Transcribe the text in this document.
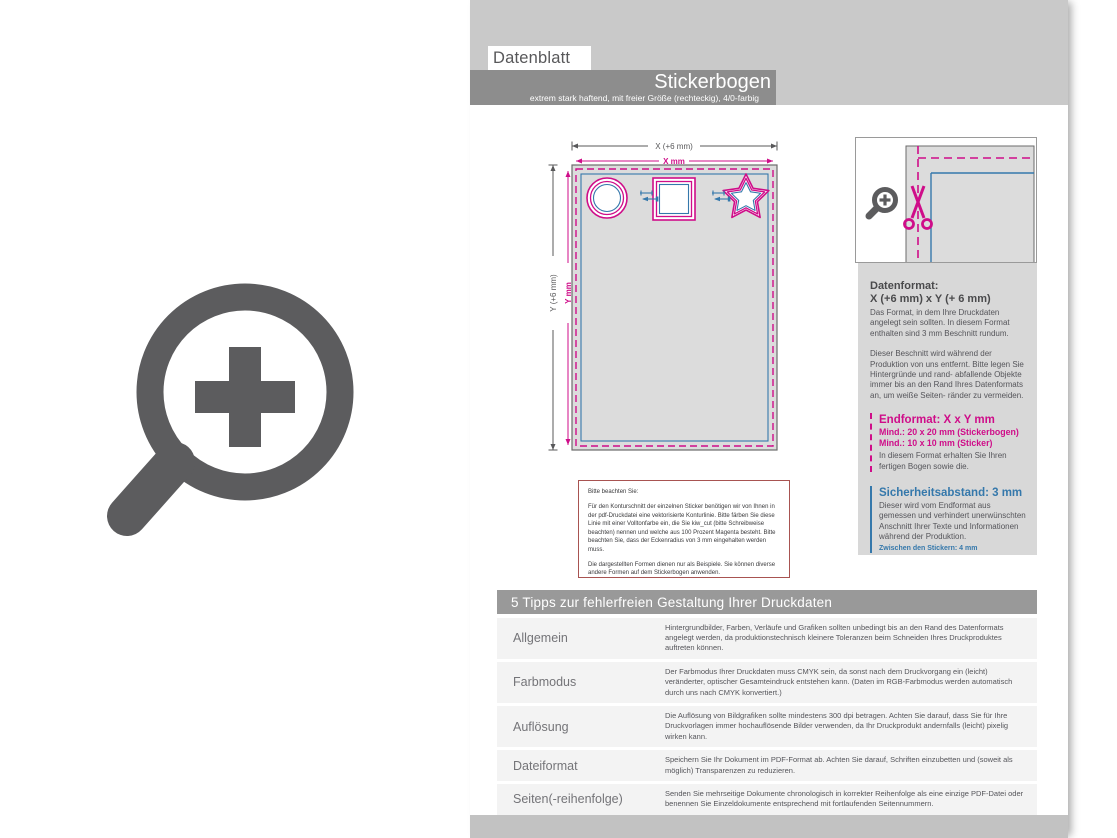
Datenblatt
Stickerbogen
extrem stark haftend, mit freier Größe (rechteckig), 4/0-farbig
X (+6 mm)
X mm
Y (+6 mm) Y mm
Bitte beachten Sie:
Für den Konturschnitt der einzelnen Sticker benötigen wir von Ihnen in der pdf-Druckdatei eine vektorisierte Konturlinie. Bitte färben Sie diese Linie mit einer Volltonfarbe ein, die Sie kiw_cut (bitte Schreibweise beachten) nennen und welche aus 100 Prozent Magenta besteht. Bitte beachten Sie, dass der Eckenradius von 3 mm eingehalten werden muss.
Die dargestellten Formen dienen nur als Beispiele. Sie können diverse andere Formen auf dem Stickerbogen anwenden.
Datenformat:
X (+6 mm) x Y (+ 6 mm)
Das Format, in dem Ihre Druckdaten angelegt sein sollten. In diesem Format enthalten sind 3 mm Beschnitt rundum.
Dieser Beschnitt wird während der Produktion von uns entfernt. Bitte legen Sie Hintergründe und rand- abfallende Objekte immer bis an den Rand Ihres Datenformats an, um weiße Seiten- ränder zu vermeiden.
Endformat: X x Y mm
Mind.: 20 x 20 mm (Stickerbogen)
Mind.: 10 x 10 mm (Sticker)
In diesem Format erhalten Sie Ihren fertigen Bogen sowie die.
Sicherheitsabstand: 3 mm
Dieser wird vom Endformat aus gemessen und verhindert unerwünschten Anschnitt Ihrer Texte und Informationen während der Produktion.
Zwischen den Stickern: 4 mm
5 Tipps zur fehlerfreien Gestaltung Ihrer Druckdaten
Allgemein
Hintergrundbilder, Farben, Verläufe und Grafiken sollten unbedingt bis an den Rand des Datenformats angelegt werden, da produktionstechnisch kleinere Toleranzen beim Schneiden Ihres Druckproduktes auftreten können.
Farbmodus
Der Farbmodus Ihrer Druckdaten muss CMYK sein, da sonst nach dem Druckvorgang ein (leicht) veränderter, optischer Gesamteindruck entstehen kann. (Daten im RGB-Farbmodus werden automatisch durch uns nach CMYK konvertiert.)
Auflösung
Die Auflösung von Bildgrafiken sollte mindestens 300 dpi betragen. Achten Sie darauf, dass Sie für Ihre Druckvorlagen immer hochauflösende Bilder verwenden, da Ihr Druckprodukt andernfalls (leicht) pixelig wirken kann.
Dateiformat	Speichern Sie Ihr Dokument im PDF-Format ab. Achten Sie darauf, Schriften einzubetten und (soweit als möglich) Transparenzen zu reduzieren.
Seiten(-reihenfolge)	Senden Sie mehrseitige Dokumente chronologisch in korrekter Reihenfolge als eine einzige PDF-Datei oder benennen Sie Einzeldokumente entsprechend mit fortlaufenden Seitennummern.
